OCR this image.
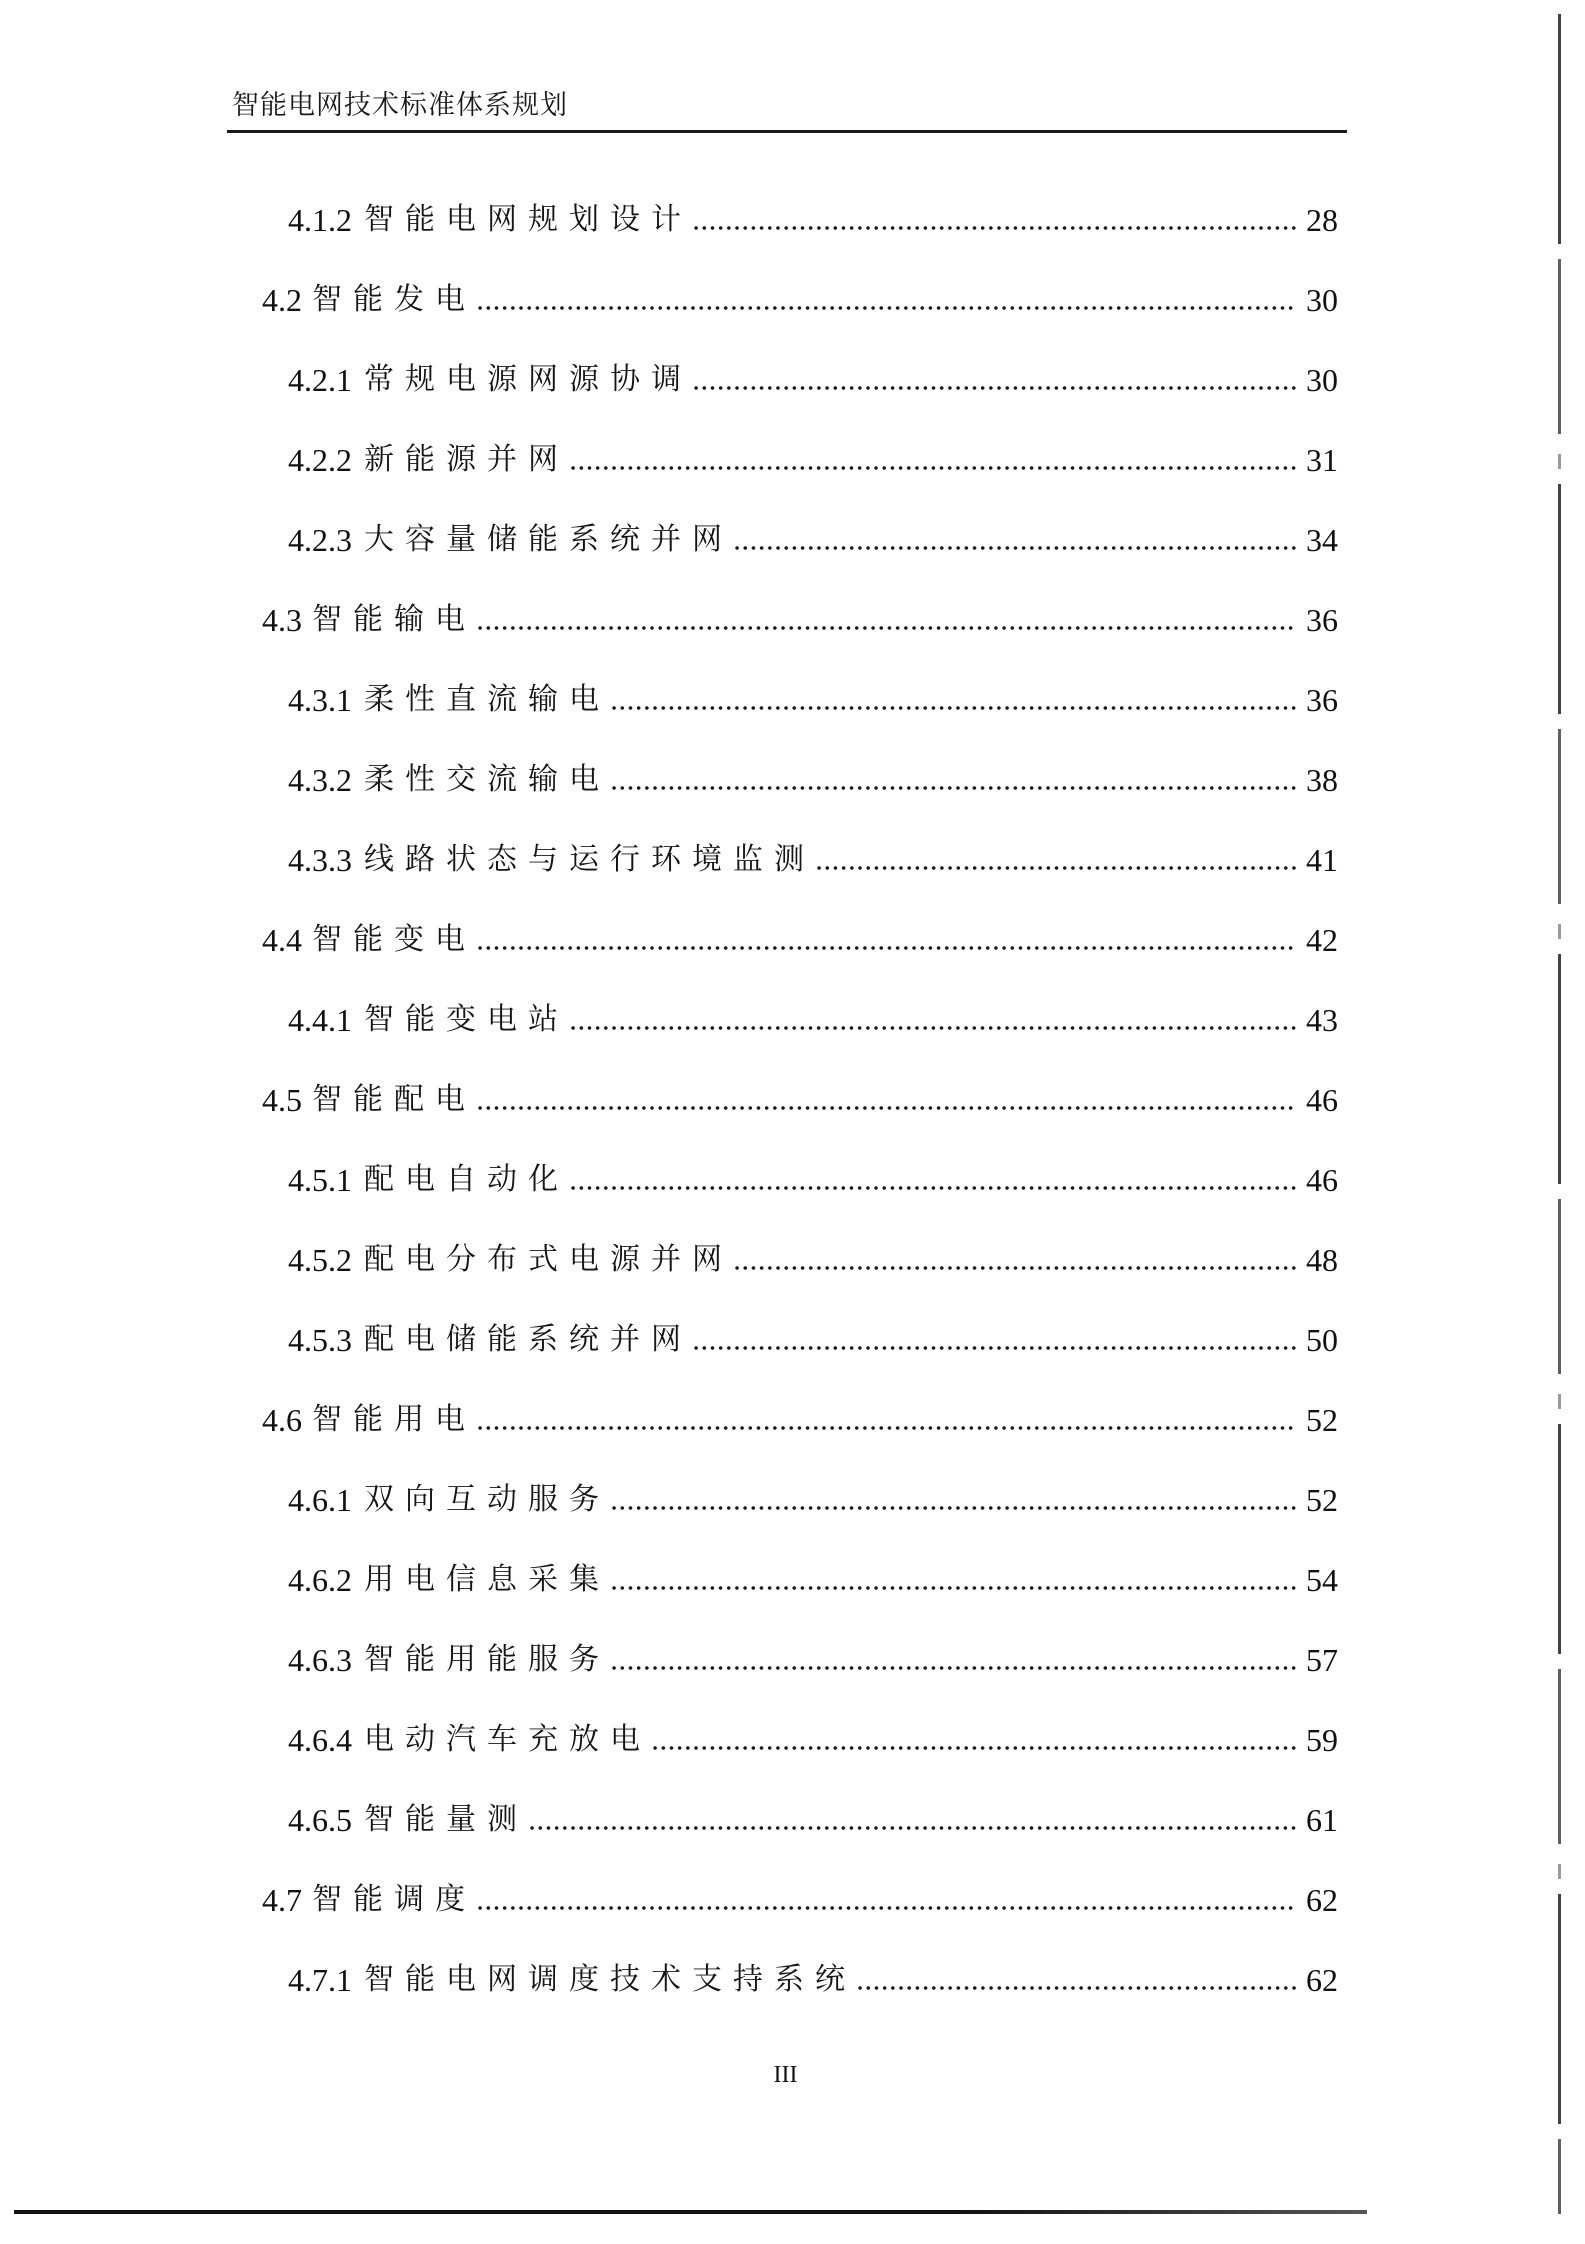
智能电网技术标准体系规划
4.1.2 智能电网规划设计	28
4.2 智能发电	30
4.2.1 常规电源网源协调	30
4.2.2 新能源并网	31
4.2.3 大容量储能系统并网	34
4.3 智能输电	36
4.3.1 柔性直流输电	36
4.3.2 柔性交流输电	38
4.3.3 线路状态与运行环境监测	41
4.4 智能变电	42
4.4.1 智能变电站	43
4.5 智能配电	46
4.5.1 配电自动化	46
4.5.2 配电分布式电源并网	48
4.5.3 配电储能系统并网	50
4.6 智能用电	52
4.6.1 双向互动服务	52
4.6.2 用电信息采集	54
4.6.3 智能用能服务	57
4.6.4 电动汽车充放电	59
4.6.5 智能量测	61
4.7 智能调度	62
4.7.1 智能电网调度技术支持系统	62
III
